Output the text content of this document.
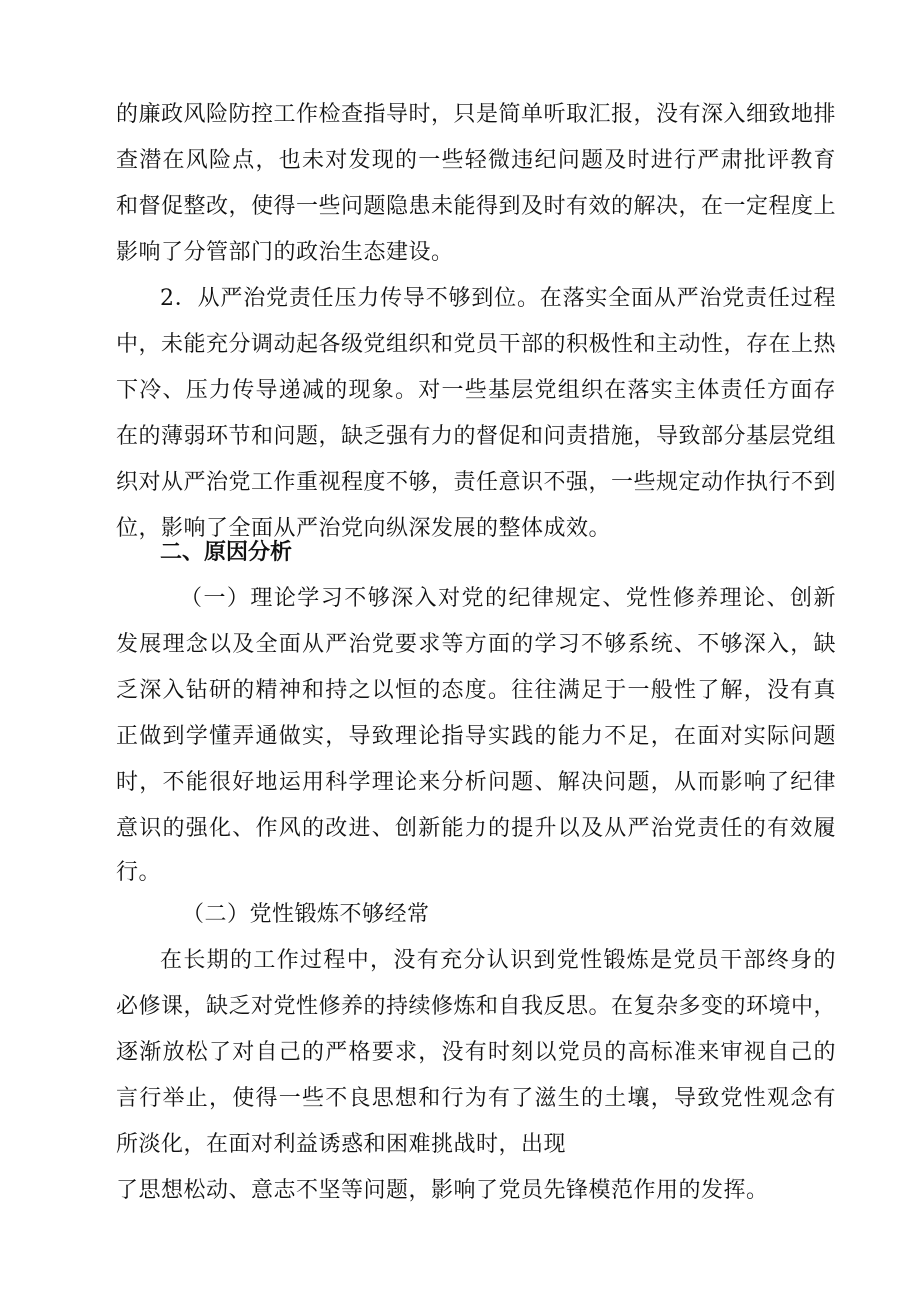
的廉政风险防控工作检查指导时，只是简单听取汇报，没有深入细致地排
查潜在风险点，也未对发现的一些轻微违纪问题及时进行严肃批评教育
和督促整改，使得一些问题隐患未能得到及时有效的解决，在一定程度上
影响了分管部门的政治生态建设。
2．从严治党责任压力传导不够到位。在落实全面从严治党责任过程
中，未能充分调动起各级党组织和党员干部的积极性和主动性，存在上热
下冷、压力传导递减的现象。对一些基层党组织在落实主体责任方面存
在的薄弱环节和问题，缺乏强有力的督促和问责措施，导致部分基层党组
织对从严治党工作重视程度不够，责任意识不强，一些规定动作执行不到
位，影响了全面从严治党向纵深发展的整体成效。
二、原因分析
（一）理论学习不够深入对党的纪律规定、党性修养理论、创新
发展理念以及全面从严治党要求等方面的学习不够系统、不够深入，缺
乏深入钻研的精神和持之以恒的态度。往往满足于一般性了解，没有真
正做到学懂弄通做实，导致理论指导实践的能力不足，在面对实际问题
时，不能很好地运用科学理论来分析问题、解决问题，从而影响了纪律
意识的强化、作风的改进、创新能力的提升以及从严治党责任的有效履
行。
（二）党性锻炼不够经常
在长期的工作过程中，没有充分认识到党性锻炼是党员干部终身的
必修课，缺乏对党性修养的持续修炼和自我反思。在复杂多变的环境中，
逐渐放松了对自己的严格要求，没有时刻以党员的高标准来审视自己的
言行举止，使得一些不良思想和行为有了滋生的土壤，导致党性观念有
所淡化，在面对利益诱惑和困难挑战时，出现
了思想松动、意志不坚等问题，影响了党员先锋模范作用的发挥。
